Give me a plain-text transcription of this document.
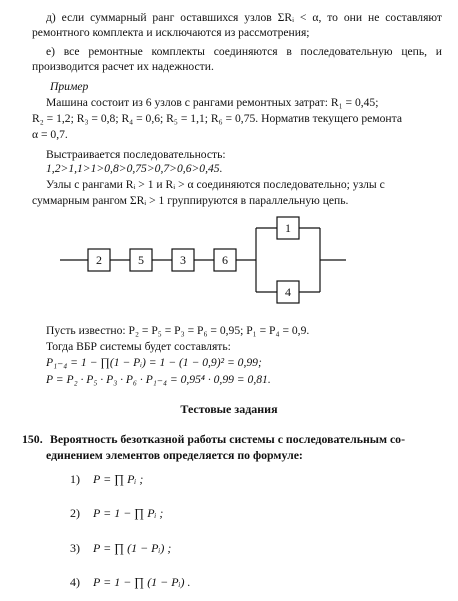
д) если суммарный ранг оставшихся узлов ΣRᵢ < α, то они не составляют ремонтного комплекта и исключаются из рассмотрения;
е) все ремонтные комплекты соединяются в последовательную цепь, и производится расчет их надежности.
Пример
Машина состоит из 6 узлов с рангами ремонтных затрат: R₁ = 0,45;
R₂ = 1,2; R₃ = 0,8; R₄ = 0,6; R₅ = 1,1; R₆ = 0,75. Норматив текущего ремонта
α = 0,7.
Выстраивается последовательность:
1,2>1,1>1>0,8>0,75>0,7>0,6>0,45.
Узлы с рангами Rᵢ > 1 и Rᵢ > α соединяются последовательно; узлы с
суммарным рангом ΣRᵢ > 1 группируются в параллельную цепь.
2	5	3	6
1
4
Пусть известно: P₂ = P₅ = P₃ = P₆ = 0,95; P₁ = P₄ = 0,9.
Тогда ВБР системы будет составлять:
P₁₋₄ = 1 − ∏(1 − Pᵢ) = 1 − (1 − 0,9)² = 0,99;
P = P₂ · P₅ · P₃ · P₆ · P₁₋₄ = 0,95⁴ · 0,99 = 0,81.
Тестовые задания
150. Вероятность безотказной работы системы с последовательным со-
единением элементов определяется по формуле:
1) P = ∏ Pᵢ ;
2) P = 1 − ∏ Pᵢ ;
3) P = ∏ (1 − Pᵢ) ;
4) P = 1 − ∏ (1 − Pᵢ) .
